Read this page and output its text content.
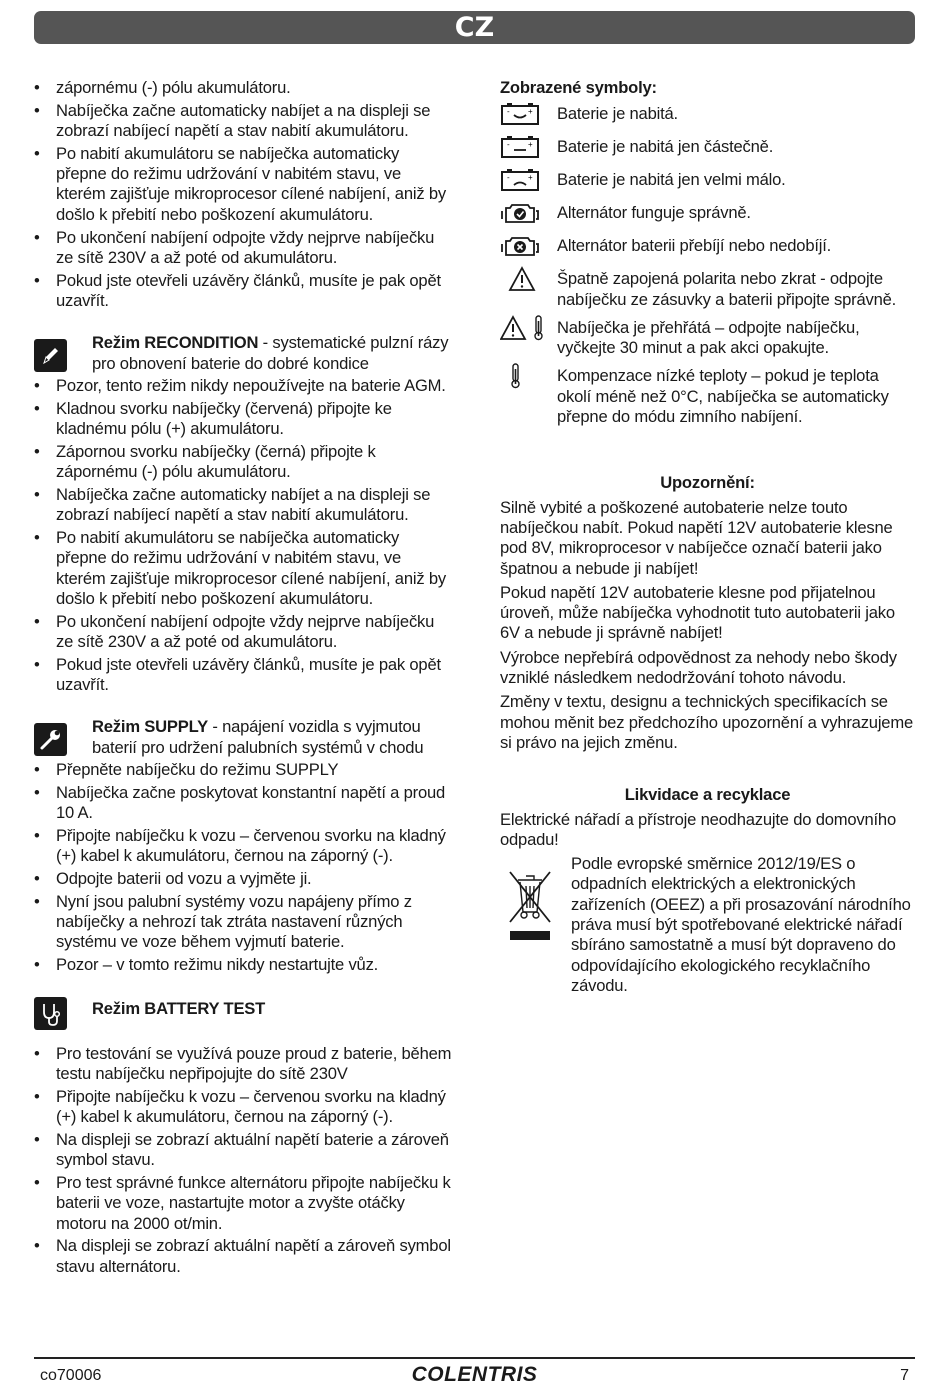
CZ
• zápornému (-) pólu akumulátoru.
• Nabíječka začne automaticky nabíjet a na displeji se zobrazí nabíjecí napětí a stav nabití akumulátoru.
• Po nabití akumulátoru se nabíječka automaticky přepne do režimu udržování v nabitém stavu, ve kterém zajišťuje mikroprocesor cílené nabíjení, aniž by došlo k přebití nebo poškození akumulátoru.
• Po ukončení nabíjení odpojte vždy nejprve nabíječku ze sítě 230V a až poté od akumulátoru.
• Pokud jste otevřeli uzávěry článků, musíte je pak opět uzavřít.
Režim RECONDITION - systematické pulzní rázy pro obnovení baterie do dobré kondice
• Pozor, tento režim nikdy nepoužívejte na baterie AGM.
• Kladnou svorku nabíječky (červená) připojte ke kladnému pólu (+) akumulátoru.
• Zápornou svorku nabíječky (černá) připojte k zápornému (-) pólu akumulátoru.
• Nabíječka začne automaticky nabíjet a na displeji se zobrazí nabíjecí napětí a stav nabití akumulátoru.
• Po nabití akumulátoru se nabíječka automaticky přepne do režimu udržování v nabitém stavu, ve kterém zajišťuje mikroprocesor cílené nabíjení, aniž by došlo k přebití nebo poškození akumulátoru.
• Po ukončení nabíjení odpojte vždy nejprve nabíječku ze sítě 230V a až poté od akumulátoru.
• Pokud jste otevřeli uzávěry článků, musíte je pak opět uzavřít.
Režim SUPPLY - napájení vozidla s vyjmutou baterií pro udržení palubních systémů v chodu
• Přepněte nabíječku do režimu SUPPLY
• Nabíječka začne poskytovat konstantní napětí a proud 10 A.
• Připojte nabíječku k vozu – červenou svorku na kladný (+) kabel k akumulátoru, černou na záporný (-).
• Odpojte baterii od vozu a vyjměte ji.
• Nyní jsou palubní systémy vozu napájeny přímo z nabíječky a nehrozí tak ztráta nastavení různých systému ve voze během vyjmutí baterie.
• Pozor – v tomto režimu nikdy nestartujte vůz.
Režim BATTERY TEST
• Pro testování se využívá pouze proud z baterie, během testu nabíječku nepřipojujte do sítě 230V
• Připojte nabíječku k vozu – červenou svorku na kladný (+) kabel k akumulátoru, černou na záporný (-).
• Na displeji se zobrazí aktuální napětí baterie a zároveň symbol stavu.
• Pro test správné funkce alternátoru připojte nabíječku k baterii ve voze, nastartujte motor a zvyšte otáčky motoru na 2000 ot/min.
• Na displeji se zobrazí aktuální napětí a zároveň symbol stavu alternátoru.
Zobrazené symboly:
- + Baterie je nabitá.
- + Baterie je nabitá jen částečně.
- + Baterie je nabitá jen velmi málo.
Alternátor funguje správně.
Alternátor baterii přebíjí nebo nedobíjí.
Špatně zapojená polarita nebo zkrat - odpojte nabíječku ze zásuvky a baterii připojte správně.
Nabíječka je přehřátá – odpojte nabíječku, vyčkejte 30 minut a pak akci opakujte.
Kompenzace nízké teploty – pokud je teplota okolí méně než 0°C, nabíječka se automaticky přepne do módu zimního nabíjení.
Upozornění:

Silně vybité a poškozené autobaterie nelze touto nabíječkou nabít. Pokud napětí 12V autobaterie klesne pod 8V, mikroprocesor v nabíječce označí baterii jako špatnou a nebude ji nabíjet!

Pokud napětí 12V autobaterie klesne pod přijatelnou úroveň, může nabíječka vyhodnotit tuto autobaterii jako 6V a nebude ji správně nabíjet!

Výrobce nepřebírá odpovědnost za nehody nebo škody vzniklé následkem nedodržování tohoto návodu.

Změny v textu, designu a technických specifikacích se mohou měnit bez předchozího upozornění a vyhrazujeme si právo na jejich změnu.

Likvidace a recyklace

Elektrické nářadí a přístroje neodhazujte do domovního odpadu!

Podle evropské směrnice 2012/19/ES o odpadních elektrických a elektronických zařízeních (OEEZ) a při prosazování národního práva musí být spotřebované elektrické nářadí sbíráno samostatně a musí být dopraveno do odpovídajícího ekologického recyklačního závodu.
co70006	COLENTRIS	7
